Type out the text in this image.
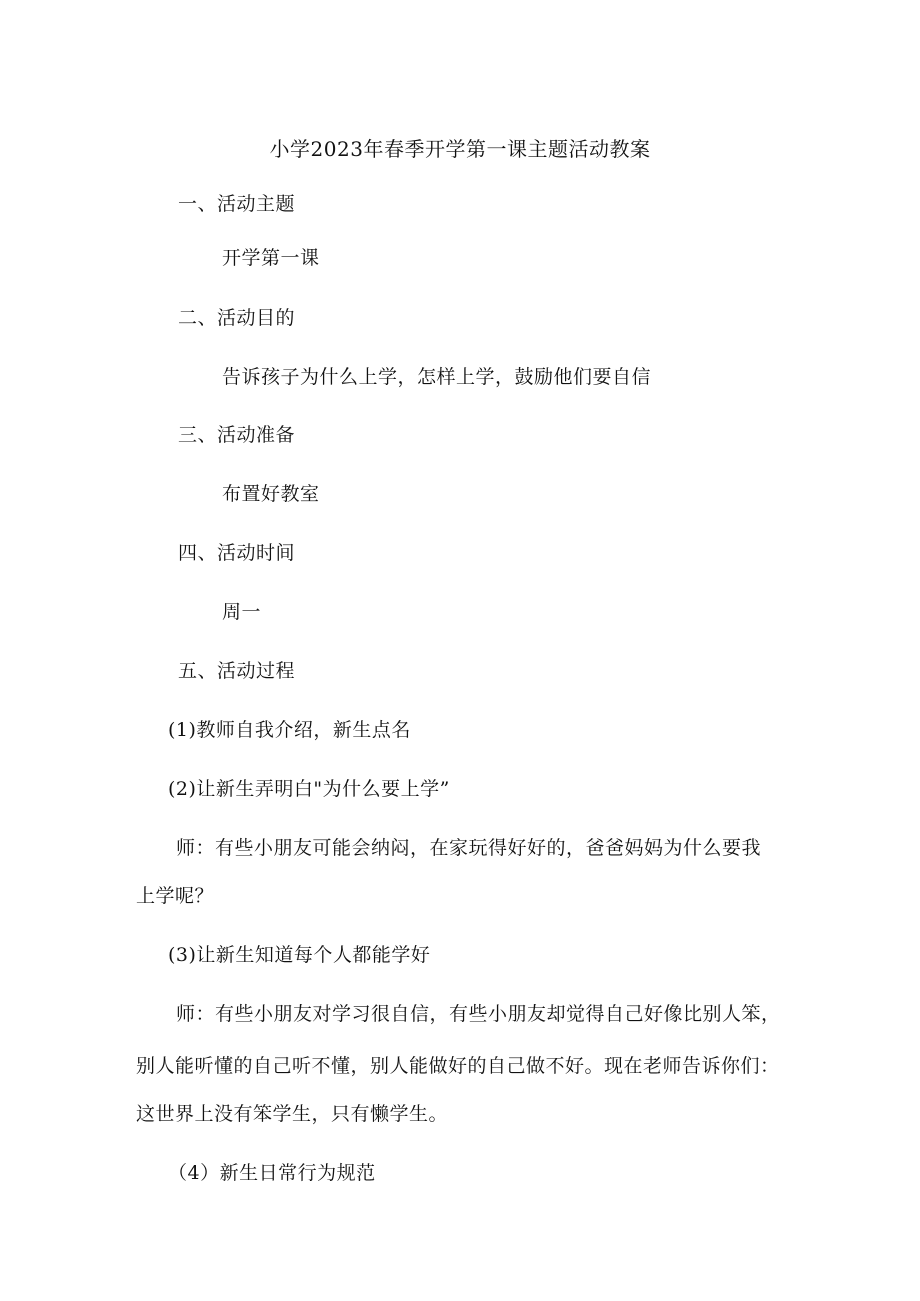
小学2023年春季开学第一课主题活动教案
一、活动主题
开学第一课
二、活动目的
告诉孩子为什么上学，怎样上学，鼓励他们要自信
三、活动准备
布置好教室
四、活动时间
周一
五、活动过程
(1)教师自我介绍，新生点名
(2)让新生弄明白"为什么要上学”
师：有些小朋友可能会纳闷，在家玩得好好的，爸爸妈妈为什么要我
上学呢？
(3)让新生知道每个人都能学好
师：有些小朋友对学习很自信，有些小朋友却觉得自己好像比别人笨，
别人能听懂的自己听不懂，别人能做好的自己做不好。现在老师告诉你们：
这世界上没有笨学生，只有懒学生。
（4）新生日常行为规范
